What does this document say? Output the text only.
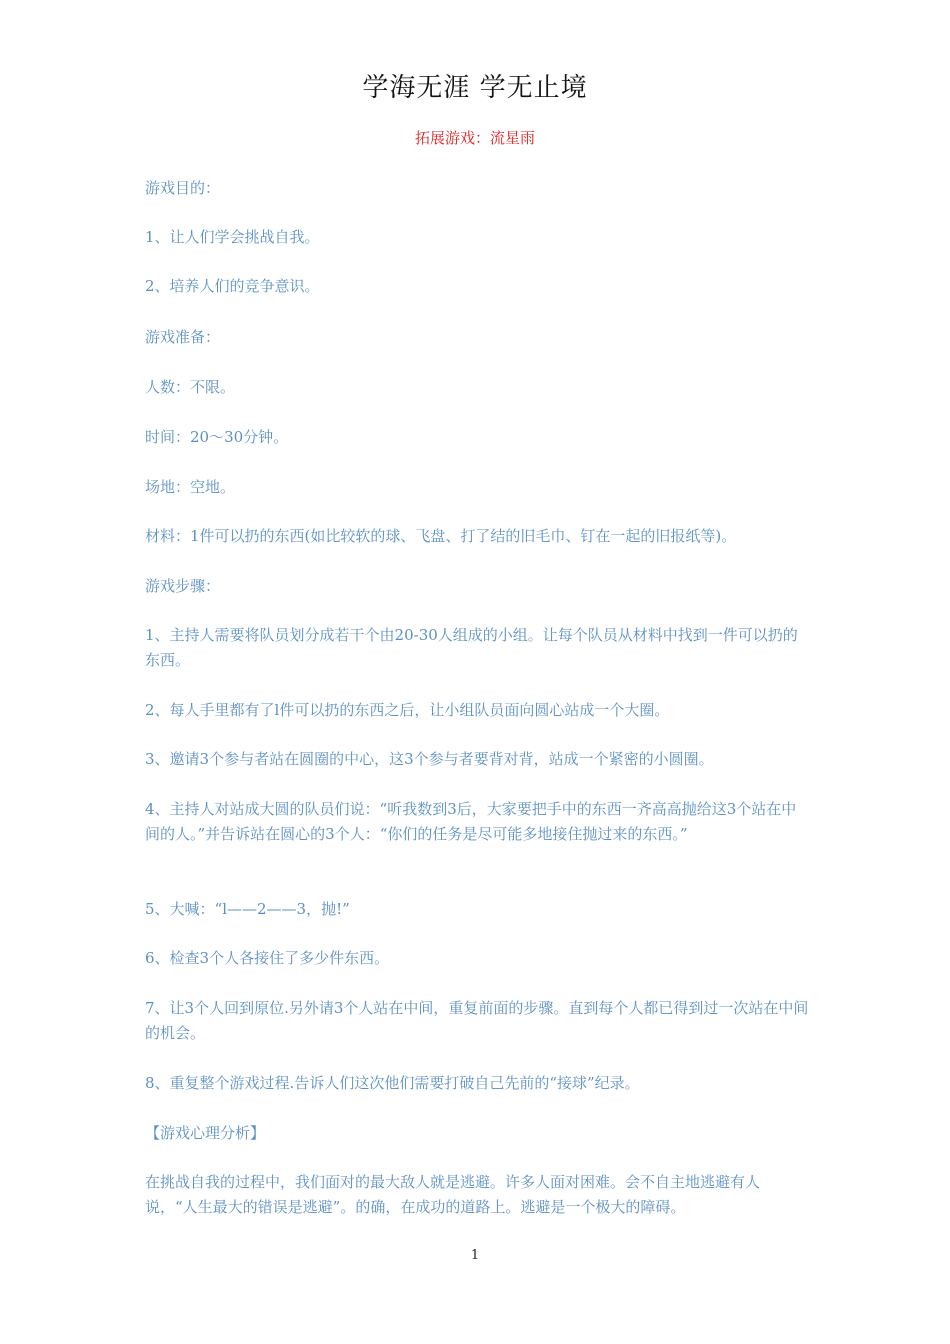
学海无涯 学无止境
拓展游戏：流星雨
游戏目的：
1、让人们学会挑战自我。
2、培养人们的竞争意识。
游戏准备：
人数：不限。
时间：20～30分钟。
场地：空地。
材料：1件可以扔的东西(如比较软的球、飞盘、打了结的旧毛巾、钉在一起的旧报纸等)。
游戏步骤：
1、主持人需要将队员划分成若干个由20-30人组成的小组。让每个队员从材料中找到一件可以扔的东西。
2、每人手里都有了l件可以扔的东西之后，让小组队员面向圆心站成一个大圈。
3、邀请3个参与者站在圆圈的中心，这3个参与者要背对背，站成一个紧密的小圆圈。
4、主持人对站成大圆的队员们说：“听我数到3后，大家要把手中的东西一齐高高抛给这3个站在中间的人。”并告诉站在圆心的3个人：“你们的任务是尽可能多地接住抛过来的东西。”
5、大喊：“l——2——3，抛!”
6、检查3个人各接住了多少件东西。
7、让3个人回到原位.另外请3个人站在中间，重复前面的步骤。直到每个人都已得到过一次站在中间的机会。
8、重复整个游戏过程.告诉人们这次他们需要打破自己先前的“接球”纪录。
【游戏心理分析】
在挑战自我的过程中，我们面对的最大敌人就是逃避。许多人面对困难。会不自主地逃避有人说，“人生最大的错误是逃避”。的确，在成功的道路上。逃避是一个极大的障碍。
1
